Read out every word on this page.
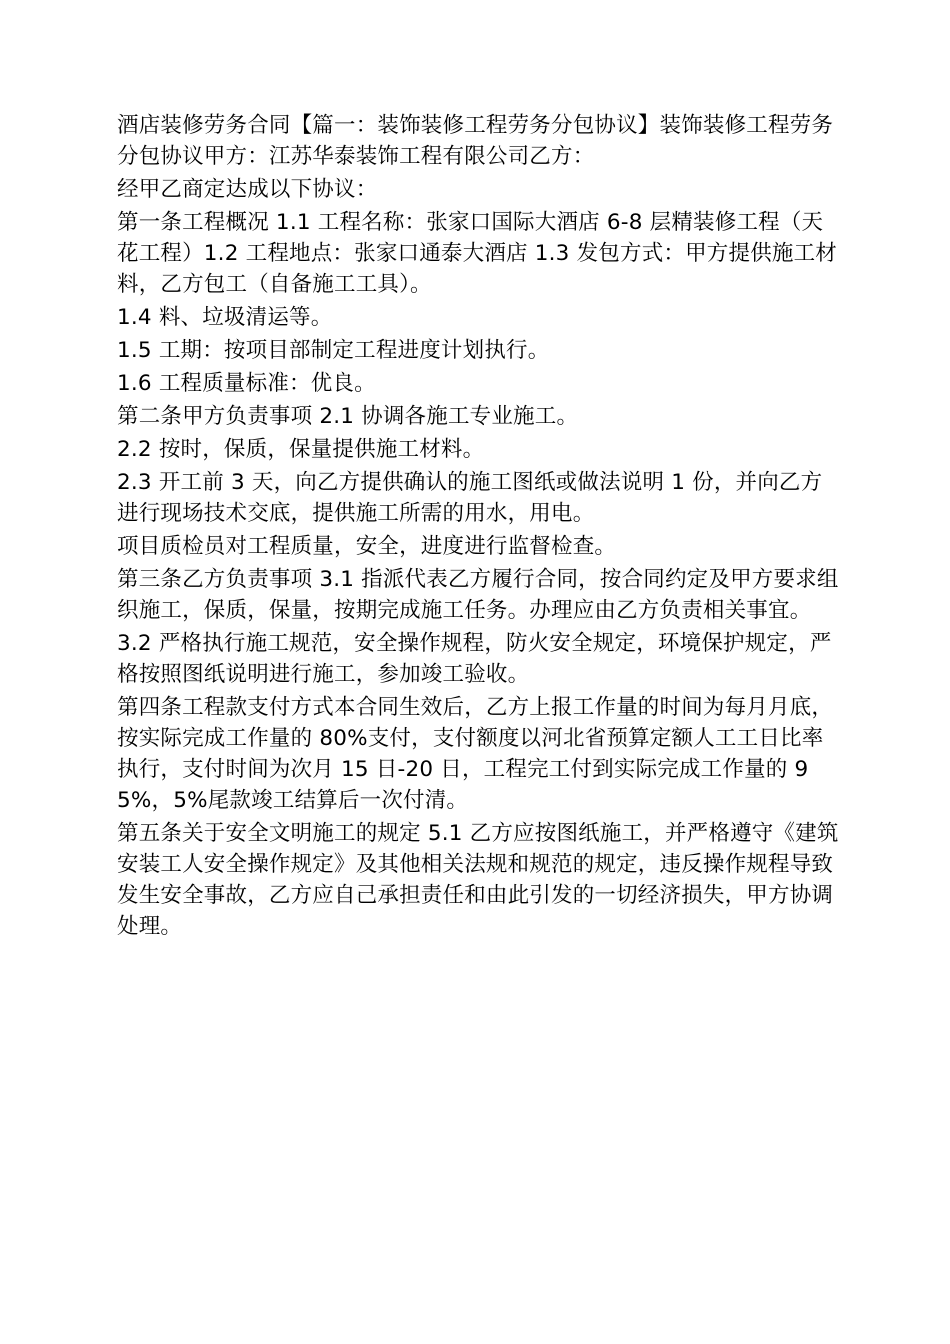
酒店装修劳务合同【篇一：装饰装修工程劳务分包协议】装饰装修工程劳务分包协议甲方：江苏华泰装饰工程有限公司乙方：

经甲乙商定达成以下协议：

第一条工程概况 1.1 工程名称：张家口国际大酒店 6-8 层精装修工程（天花工程）1.2 工程地点：张家口通泰大酒店 1.3 发包方式：甲方提供施工材料，乙方包工（自备施工工具）。

1.4 料、垃圾清运等。

1.5 工期：按项目部制定工程进度计划执行。

1.6 工程质量标准：优良。

第二条甲方负责事项 2.1 协调各施工专业施工。

2.2 按时，保质，保量提供施工材料。

2.3 开工前 3 天，向乙方提供确认的施工图纸或做法说明 1 份，并向乙方进行现场技术交底，提供施工所需的用水，用电。

项目质检员对工程质量，安全，进度进行监督检查。

第三条乙方负责事项 3.1 指派代表乙方履行合同，按合同约定及甲方要求组织施工，保质，保量，按期完成施工任务。办理应由乙方负责相关事宜。

3.2 严格执行施工规范，安全操作规程，防火安全规定，环境保护规定，严格按照图纸说明进行施工，参加竣工验收。

第四条工程款支付方式本合同生效后，乙方上报工作量的时间为每月月底，按实际完成工作量的 80%支付，支付额度以河北省预算定额人工工日比率执行，支付时间为次月 15 日-20 日，工程完工付到实际完成工作量的 95%，5%尾款竣工结算后一次付清。

第五条关于安全文明施工的规定 5.1 乙方应按图纸施工，并严格遵守《建筑安装工人安全操作规定》及其他相关法规和规范的规定，违反操作规程导致发生安全事故，乙方应自己承担责任和由此引发的一切经济损失，甲方协调处理。
